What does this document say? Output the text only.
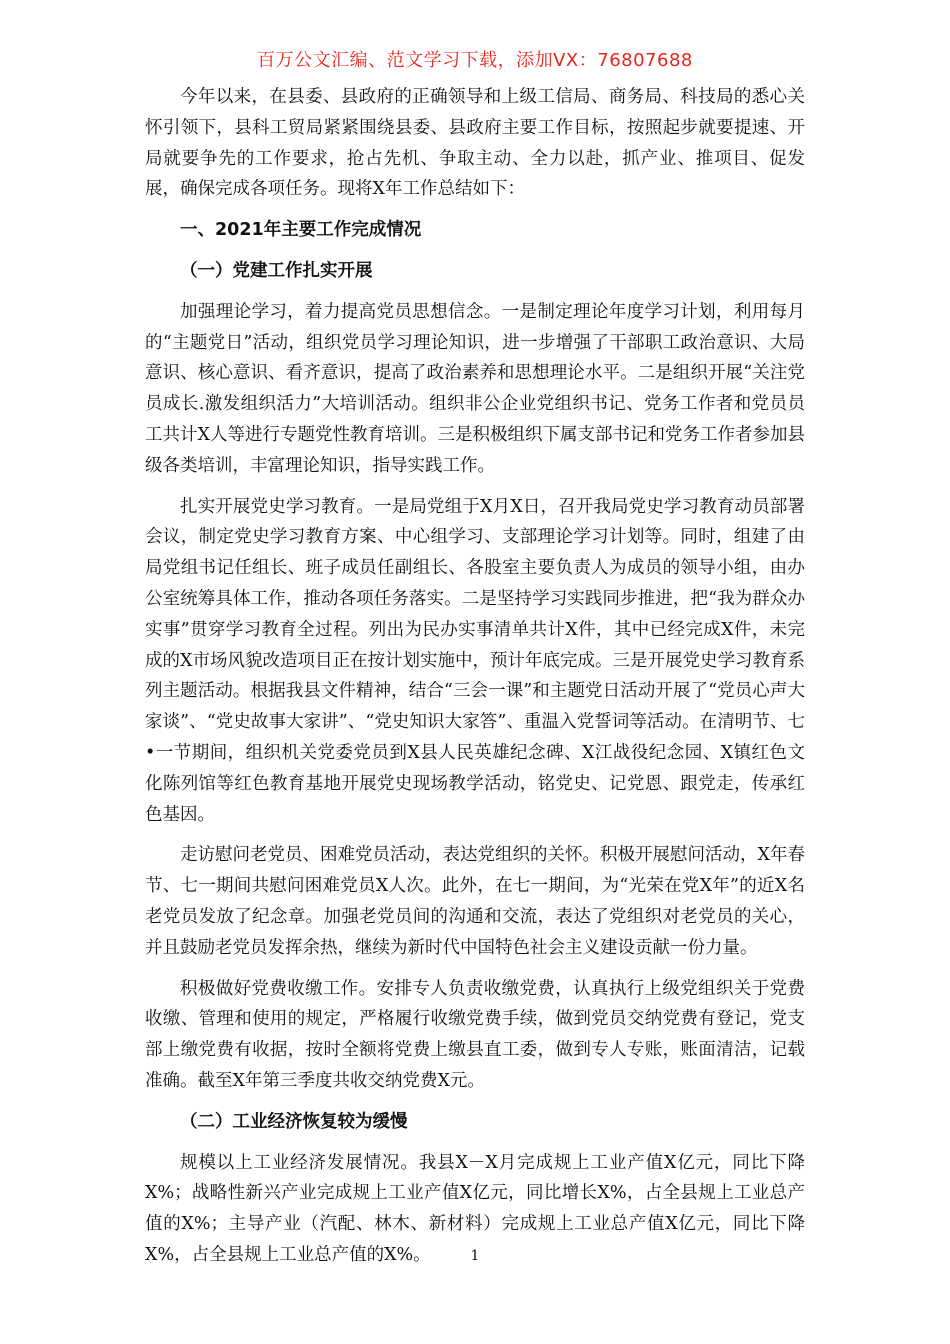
百万公文汇编、范文学习下载，添加VX：76807688

今年以来，在县委、县政府的正确领导和上级工信局、商务局、科技局的悉心关怀引领下，县科工贸局紧紧围绕县委、县政府主要工作目标，按照起步就要提速、开局就要争先的工作要求，抢占先机、争取主动、全力以赴，抓产业、推项目、促发展，确保完成各项任务。现将X年工作总结如下：

一、2021年主要工作完成情况

（一）党建工作扎实开展

加强理论学习，着力提高党员思想信念。一是制定理论年度学习计划，利用每月的“主题党日”活动，组织党员学习理论知识，进一步增强了干部职工政治意识、大局意识、核心意识、看齐意识，提高了政治素养和思想理论水平。二是组织开展“关注党员成长.激发组织活力”大培训活动。组织非公企业党组织书记、党务工作者和党员员工共计X人等进行专题党性教育培训。三是积极组织下属支部书记和党务工作者参加县级各类培训，丰富理论知识，指导实践工作。

扎实开展党史学习教育。一是局党组于X月X日，召开我局党史学习教育动员部署会议，制定党史学习教育方案、中心组学习、支部理论学习计划等。同时，组建了由局党组书记任组长、班子成员任副组长、各股室主要负责人为成员的领导小组，由办公室统筹具体工作，推动各项任务落实。二是坚持学习实践同步推进，把“我为群众办实事”贯穿学习教育全过程。列出为民办实事清单共计X件，其中已经完成X件，未完成的X市场风貌改造项目正在按计划实施中，预计年底完成。三是开展党史学习教育系列主题活动。根据我县文件精神，结合“三会一课”和主题党日活动开展了“党员心声大家谈”、“党史故事大家讲”、“党史知识大家答”、重温入党誓词等活动。在清明节、七•一节期间，组织机关党委党员到X县人民英雄纪念碑、X江战役纪念园、X镇红色文化陈列馆等红色教育基地开展党史现场教学活动，铭党史、记党恩、跟党走，传承红色基因。

走访慰问老党员、困难党员活动，表达党组织的关怀。积极开展慰问活动，X年春节、七一期间共慰问困难党员X人次。此外，在七一期间，为“光荣在党X年”的近X名老党员发放了纪念章。加强老党员间的沟通和交流，表达了党组织对老党员的关心，并且鼓励老党员发挥余热，继续为新时代中国特色社会主义建设贡献一份力量。

积极做好党费收缴工作。安排专人负责收缴党费，认真执行上级党组织关于党费收缴、管理和使用的规定，严格履行收缴党费手续，做到党员交纳党费有登记，党支部上缴党费有收据，按时全额将党费上缴县直工委，做到专人专账，账面清洁，记载准确。截至X年第三季度共收交纳党费X元。

（二）工业经济恢复较为缓慢

规模以上工业经济发展情况。我县X－X月完成规上工业产值X亿元，同比下降X%；战略性新兴产业完成规上工业产值X亿元，同比增长X%，占全县规上工业总产值的X%；主导产业（汽配、林木、新材料）完成规上工业总产值X亿元，同比下降X%，占全县规上工业总产值的X%。	1
